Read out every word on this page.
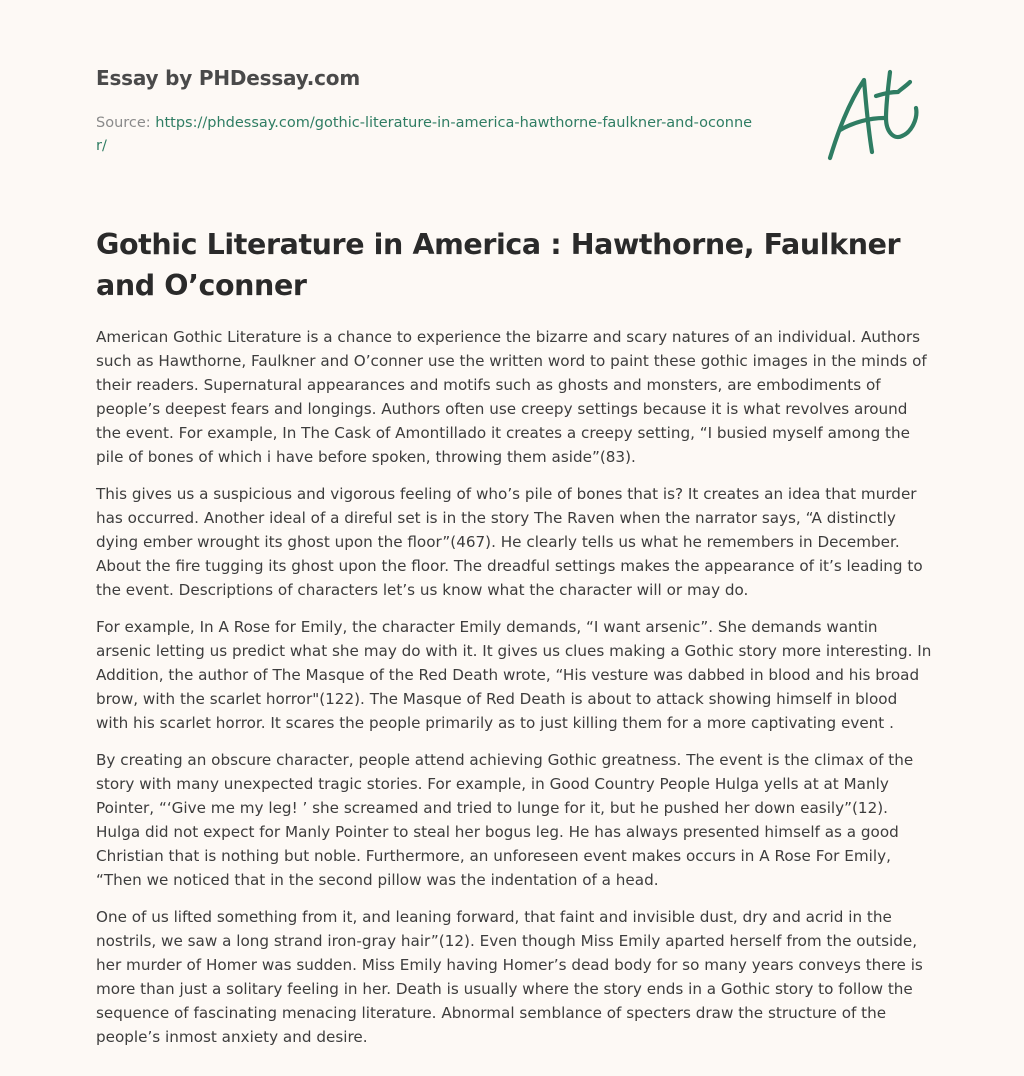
Essay by PHDessay.com
Source: https://phdessay.com/gothic-literature-in-america-hawthorne-faulkner-and-oconner/
Gothic Literature in America : Hawthorne, Faulkner and O’conner

American Gothic Literature is a chance to experience the bizarre and scary natures of an individual. Authors such as Hawthorne, Faulkner and O’conner use the written word to paint these gothic images in the minds of their readers. Supernatural appearances and motifs such as ghosts and monsters, are embodiments of people’s deepest fears and longings. Authors often use creepy settings because it is what revolves around the event. For example, In The Cask of Amontillado it creates a creepy setting, “I busied myself among the pile of bones of which i have before spoken, throwing them aside”(83).

This gives us a suspicious and vigorous feeling of who’s pile of bones that is? It creates an idea that murder has occurred. Another ideal of a direful set is in the story The Raven when the narrator says, “A distinctly dying ember wrought its ghost upon the floor”(467). He clearly tells us what he remembers in December. About the fire tugging its ghost upon the floor. The dreadful settings makes the appearance of it’s leading to the event. Descriptions of characters let’s us know what the character will or may do.

For example, In A Rose for Emily, the character Emily demands, “I want arsenic”. She demands wantin arsenic letting us predict what she may do with it. It gives us clues making a Gothic story more interesting. In Addition, the author of The Masque of the Red Death wrote, “His vesture was dabbed in blood and his broad brow, with the scarlet horror"(122). The Masque of Red Death is about to attack showing himself in blood with his scarlet horror. It scares the people primarily as to just killing them for a more captivating event .

By creating an obscure character, people attend achieving Gothic greatness. The event is the climax of the story with many unexpected tragic stories. For example, in Good Country People Hulga yells at at Manly Pointer, “‘Give me my leg! ’ she screamed and tried to lunge for it, but he pushed her down easily”(12). Hulga did not expect for Manly Pointer to steal her bogus leg. He has always presented himself as a good Christian that is nothing but noble. Furthermore, an unforeseen event makes occurs in A Rose For Emily, “Then we noticed that in the second pillow was the indentation of a head.

One of us lifted something from it, and leaning forward, that faint and invisible dust, dry and acrid in the nostrils, we saw a long strand iron-gray hair”(12). Even though Miss Emily aparted herself from the outside, her murder of Homer was sudden. Miss Emily having Homer’s dead body for so many years conveys there is more than just a solitary feeling in her. Death is usually where the story ends in a Gothic story to follow the sequence of fascinating menacing literature. Abnormal semblance of specters draw the structure of the people’s inmost anxiety and desire.
